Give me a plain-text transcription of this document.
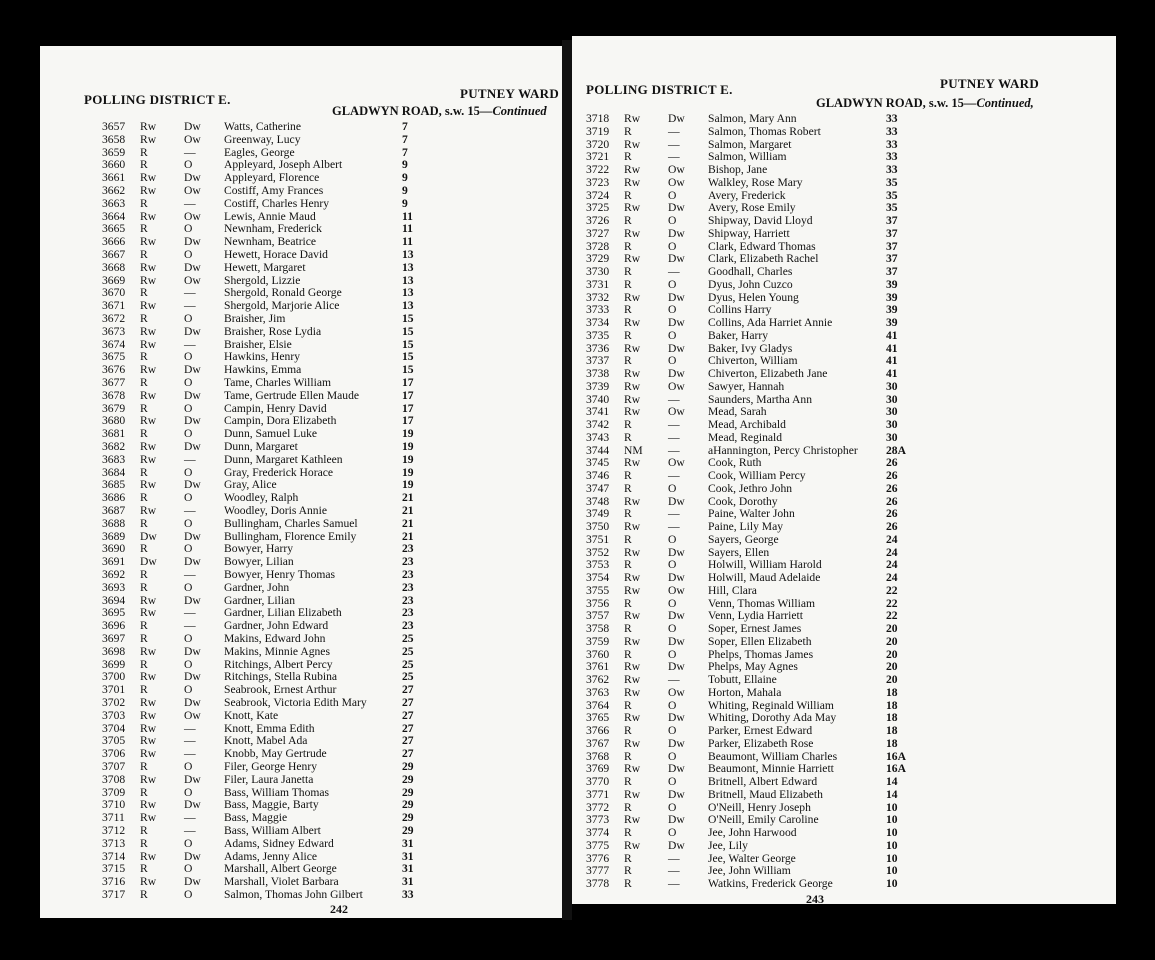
POLLING DISTRICT E.	PUTNEY WARD
GLADWYN ROAD, s.w. 15—Continued
3657 Rw Dw Watts, Catherine	7
3658 Rw Ow Greenway, Lucy	7
3659 R	— Eagles, George	7
3660 R	O	Appleyard, Joseph Albert	9
3661 Rw Dw Appleyard, Florence	9
3662 Rw Ow Costiff, Amy Frances	9
3663 R	— Costiff, Charles Henry	9
3664 Rw Ow Lewis, Annie Maud	11
3665 R	O	Newnham, Frederick	11
3666 Rw Dw Newnham, Beatrice	11
3667 R	O	Hewett, Horace David	13
3668 Rw Dw Hewett, Margaret	13
3669 Rw Ow Shergold, Lizzie	13
3670 R	— Shergold, Ronald George	13
3671 Rw — Shergold, Marjorie Alice	13
3672 R	O	Braisher, Jim	15
3673 Rw Dw Braisher, Rose Lydia	15
3674 Rw — Braisher, Elsie	15
3675 R	O	Hawkins, Henry	15
3676 Rw Dw Hawkins, Emma	15
3677 R	O	Tame, Charles William	17
3678 Rw Dw Tame, Gertrude Ellen Maude	17
3679 R	O	Campin, Henry David	17
3680 Rw Dw Campin, Dora Elizabeth	17
3681 R	O	Dunn, Samuel Luke	19
3682 Rw Dw Dunn, Margaret	19
3683 Rw — Dunn, Margaret Kathleen	19
3684 R	O	Gray, Frederick Horace	19
3685 Rw Dw Gray, Alice	19
3686 R	O	Woodley, Ralph	21
3687 Rw — Woodley, Doris Annie	21
3688 R	O	Bullingham, Charles Samuel	21
3689 Dw Dw Bullingham, Florence Emily	21
3690 R	O	Bowyer, Harry	23
3691 Dw Dw Bowyer, Lilian	23
3692 R	— Bowyer, Henry Thomas	23
3693 R	O	Gardner, John	23
3694 Rw Dw Gardner, Lilian	23
3695 Rw — Gardner, Lilian Elizabeth	23
3696 R	— Gardner, John Edward	23
3697 R	O	Makins, Edward John	25
3698 Rw Dw Makins, Minnie Agnes	25
3699 R	O	Ritchings, Albert Percy	25
3700 Rw Dw Ritchings, Stella Rubina	25
3701 R	O	Seabrook, Ernest Arthur	27
3702 Rw Dw Seabrook, Victoria Edith Mary	27
3703 Rw Ow Knott, Kate	27
3704 Rw — Knott, Emma Edith	27
3705 Rw — Knott, Mabel Ada	27
3706 Rw — Knobb, May Gertrude	27
3707 R	O	Filer, George Henry	29
3708 Rw Dw Filer, Laura Janetta	29
3709 R	O	Bass, William Thomas	29
3710 Rw Dw Bass, Maggie, Barty	29
3711 Rw — Bass, Maggie	29
3712 R	— Bass, William Albert	29
3713 R	O	Adams, Sidney Edward	31
3714 Rw Dw Adams, Jenny Alice	31
3715 R	O	Marshall, Albert George	31
3716 Rw Dw Marshall, Violet Barbara	31
3717 R	O	Salmon, Thomas John Gilbert	33
242
POLLING DISTRICT E.	PUTNEY WARD
GLADWYN ROAD, s.w. 15—Continued,
3718 Rw Dw Salmon, Mary Ann	33
3719 R	— Salmon, Thomas Robert	33
3720 Rw — Salmon, Margaret	33
3721 R	— Salmon, William	33
3722 Rw Ow Bishop, Jane	33
3723 Rw Ow Walkley, Rose Mary	35
3724 R	O	Avery, Frederick	35
3725 Rw Dw Avery, Rose Emily	35
3726 R	O	Shipway, David Lloyd	37
3727 Rw Dw Shipway, Harriett	37
3728 R	O	Clark, Edward Thomas	37
3729 Rw Dw Clark, Elizabeth Rachel	37
3730 R	— Goodhall, Charles	37
3731 R	O	Dyus, John Cuzco	39
3732 Rw Dw Dyus, Helen Young	39
3733 R	O	Collins Harry	39
3734 Rw Dw Collins, Ada Harriet Annie	39
3735 R	O	Baker, Harry	41
3736 Rw Dw Baker, Ivy Gladys	41
3737 R	O	Chiverton, William	41
3738 Rw Dw Chiverton, Elizabeth Jane	41
3739 Rw Ow Sawyer, Hannah	30
3740 Rw — Saunders, Martha Ann	30
3741 Rw Ow Mead, Sarah	30
3742 R	— Mead, Archibald	30
3743 R	— Mead, Reginald	30
3744 NM — aHannington, Percy Christopher 28A
3745 Rw Ow Cook, Ruth	26
3746 R	— Cook, William Percy	26
3747 R	O	Cook, Jethro John	26
3748 Rw Dw Cook, Dorothy	26
3749 R	— Paine, Walter John	26
3750 Rw — Paine, Lily May	26
3751 R	O	Sayers, George	24
3752 Rw Dw Sayers, Ellen	24
3753 R	O	Holwill, William Harold	24
3754 Rw Dw Holwill, Maud Adelaide	24
3755 Rw Ow Hill, Clara	22
3756 R	O	Venn, Thomas William	22
3757 Rw Dw Venn, Lydia Harriett	22
3758 R	O	Soper, Ernest James	20
3759 Rw Dw Soper, Ellen Elizabeth	20
3760 R	O	Phelps, Thomas James	20
3761 Rw Dw Phelps, May Agnes	20
3762 Rw — Tobutt, Ellaine	20
3763 Rw Ow Horton, Mahala	18
3764 R	O	Whiting, Reginald William	18
3765 Rw Dw Whiting, Dorothy Ada May	18
3766 R	O	Parker, Ernest Edward	18
3767 Rw Dw Parker, Elizabeth Rose	18
3768 R	O	Beaumont, William Charles	16A
3769 Rw Dw Beaumont, Minnie Harriett	16A
3770 R	O	Britnell, Albert Edward	14
3771 Rw Dw Britnell, Maud Elizabeth	14
3772 R	O	O'Neill, Henry Joseph	10
3773 Rw Dw O'Neill, Emily Caroline	10
3774 R	O	Jee, John Harwood	10
3775 Rw Dw Jee, Lily	10
3776 R	— Jee, Walter George	10
3777 R	— Jee, John William	10
3778 R	— Watkins, Frederick George	10
243
